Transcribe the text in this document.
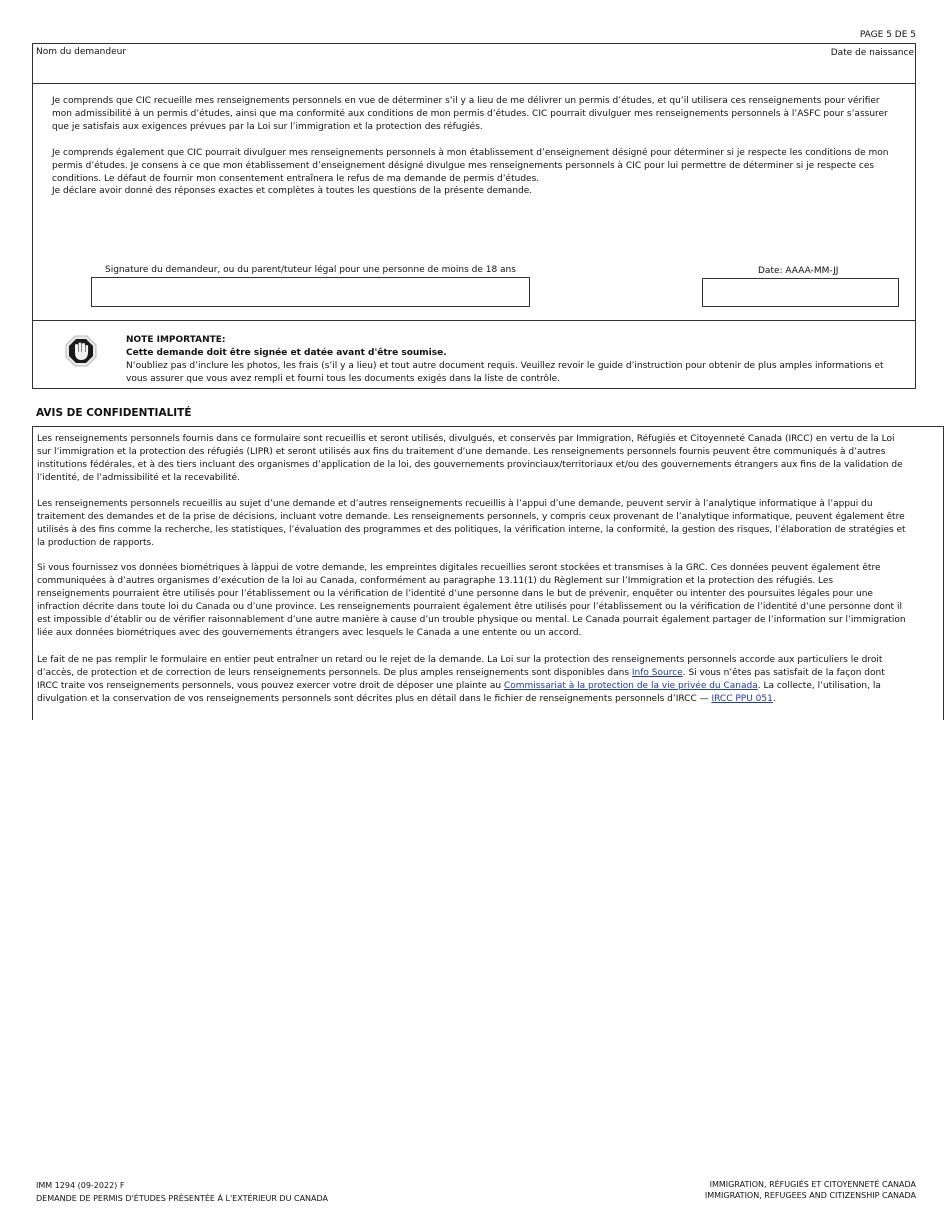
PAGE 5 DE 5
Nom du demandeur	Date de naissance
Je comprends que CIC recueille mes renseignements personnels en vue de déterminer s’il y a lieu de me délivrer un permis d’études, et qu’il utilisera ces renseignements pour vérifier mon admissibilité à un permis d’études, ainsi que ma conformité aux conditions de mon permis d’études. CIC pourrait divulguer mes renseignements personnels à l’ASFC pour s’assurer que je satisfais aux exigences prévues par la Loi sur l’immigration et la protection des réfugiés.
Je comprends également que CIC pourrait divulguer mes renseignements personnels à mon établissement d’enseignement désigné pour déterminer si je respecte les conditions de mon permis d’études. Je consens à ce que mon établissement d’enseignement désigné divulgue mes renseignements personnels à CIC pour lui permettre de déterminer si je respecte ces conditions. Le défaut de fournir mon consentement entraînera le refus de ma demande de permis d’études.
Je déclare avoir donné des réponses exactes et complètes à toutes les questions de la présente demande.
Signature du demandeur, ou du parent/tuteur légal pour une personne de moins de 18 ans	Date: AAAA-MM-JJ
NOTE IMPORTANTE:
Cette demande doit être signée et datée avant d'être soumise.
N’oubliez pas d’inclure les photos, les frais (s’il y a lieu) et tout autre document requis. Veuillez revoir le guide d’instruction pour obtenir de plus amples informations et vous assurer que vous avez rempli et fourni tous les documents exigés dans la liste de contrôle.
AVIS DE CONFIDENTIALITÉ
Les renseignements personnels fournis dans ce formulaire sont recueillis et seront utilisés, divulgués, et conservés par Immigration, Réfugiés et Citoyenneté Canada (IRCC) en vertu de la Loi sur l’immigration et la protection des réfugiés (LIPR) et seront utilisés aux fins du traitement d’une demande. Les renseignements personnels fournis peuvent être communiqués à d’autres institutions fédérales, et à des tiers incluant des organismes d’application de la loi, des gouvernements provinciaux/territoriaux et/ou des gouvernements étrangers aux fins de la validation de l’identité, de l’admissibilité et la recevabilité.
Les renseignements personnels recueillis au sujet d’une demande et d’autres renseignements recueillis à l’appui d’une demande, peuvent servir à l’analytique informatique à l’appui du traitement des demandes et de la prise de décisions, incluant votre demande. Les renseignements personnels, y compris ceux provenant de l’analytique informatique, peuvent également être utilisés à des fins comme la recherche, les statistiques, l’évaluation des programmes et des politiques, la vérification interne, la conformité, la gestion des risques, l’élaboration de stratégies et la production de rapports.
Si vous fournissez vos données biométriques à làppui de votre demande, les empreintes digitales recueillies seront stockées et transmises à la GRC. Ces données peuvent également être communiquées à d’autres organismes d’exécution de la loi au Canada, conformément au paragraphe 13.11(1) du Règlement sur l’Immigration et la protection des réfugiés. Les renseignements pourraient être utilisés pour l’établissement ou la vérification de l’identité d’une personne dans le but de prévenir, enquêter ou intenter des poursuites légales pour une infraction décrite dans toute loi du Canada ou d’une province. Les renseignements pourraient également être utilisés pour l’établissement ou la vérification de l’identité d’une personne dont il est impossible d’établir ou de vérifier raisonnablement d’une autre manière à cause d’un trouble physique ou mental. Le Canada pourrait également partager de l’information sur l’immigration liée aux données biométriques avec des gouvernements étrangers avec lesquels le Canada a une entente ou un accord.
Le fait de ne pas remplir le formulaire en entier peut entraîner un retard ou le rejet de la demande. La Loi sur la protection des renseignements personnels accorde aux particuliers le droit d’accès, de protection et de correction de leurs renseignements personnels. De plus amples renseignements sont disponibles dans Info Source. Si vous n’êtes pas satisfait de la façon dont IRCC traite vos renseignements personnels, vous pouvez exercer votre droit de déposer une plainte au Commissariat à la protection de la vie privée du Canada. La collecte, l’utilisation, la divulgation et la conservation de vos renseignements personnels sont décrites plus en détail dans le fichier de renseignements personnels d’IRCC — IRCC PPU 051.
IMM 1294 (09-2022) F
DEMANDE DE PERMIS D'ÉTUDES PRÉSENTÉE À L'EXTÉRIEUR DU CANADA
IMMIGRATION, RÉFUGIÉS ET CITOYENNETÉ CANADA
IMMIGRATION, REFUGEES AND CITIZENSHIP CANADA
